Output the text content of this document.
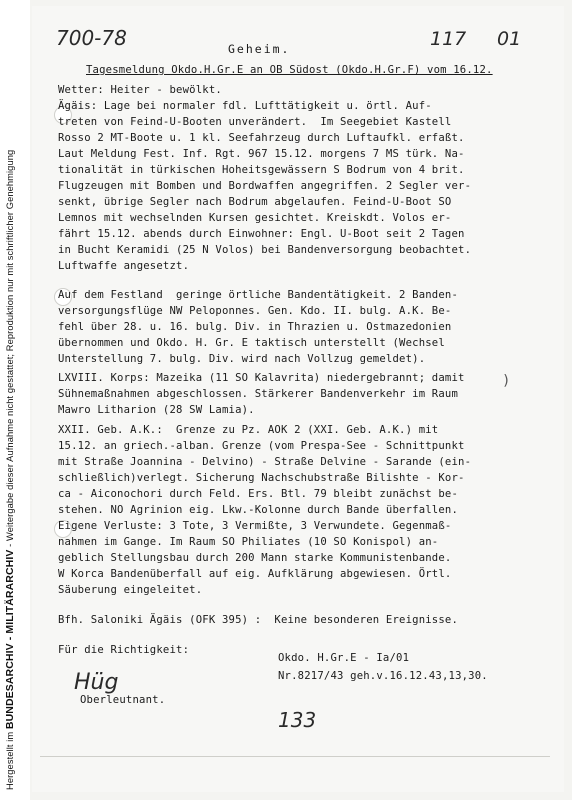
Hergestellt im BUNDESARCHIV - MILITÄRARCHIV - Weitergabe dieser Aufnahme nicht gestattet; Reproduktion nur mit schriftlicher Genehmigung
700-78	117 01
Geheim.
Tagesmeldung Okdo.H.Gr.E an OB Südost (Okdo.H.Gr.F) vom 16.12.
Wetter: Heiter - bewölkt.
Ägäis: Lage bei normaler fdl. Lufttätigkeit u. örtl. Auf-
treten von Feind-U-Booten unverändert.  Im Seegebiet Kastell
Rosso 2 MT-Boote u. 1 kl. Seefahrzeug durch Luftaufkl. erfaßt.
Laut Meldung Fest. Inf. Rgt. 967 15.12. morgens 7 MS türk. Na-
tionalität in türkischen Hoheitsgewässern S Bodrum von 4 brit.
Flugzeugen mit Bomben und Bordwaffen angegriffen. 2 Segler ver-
senkt, übrige Segler nach Bodrum abgelaufen. Feind-U-Boot SO
Lemnos mit wechselnden Kursen gesichtet. Kreiskdt. Volos er-
fährt 15.12. abends durch Einwohner: Engl. U-Boot seit 2 Tagen
in Bucht Keramidi (25 N Volos) bei Bandenversorgung beobachtet.
Luftwaffe angesetzt.
Auf dem Festland  geringe örtliche Bandentätigkeit. 2 Banden-
versorgungsflüge NW Peloponnes. Gen. Kdo. II. bulg. A.K. Be-
fehl über 28. u. 16. bulg. Div. in Thrazien u. Ostmazedonien
übernommen und Okdo. H. Gr. E taktisch unterstellt (Wechsel
Unterstellung 7. bulg. Div. wird nach Vollzug gemeldet).
LXVIII. Korps: Mazeika (11 SO Kalavrita) niedergebrannt; damit
Sühnemaßnahmen abgeschlossen. Stärkerer Bandenverkehr im Raum
Mawro Litharion (28 SW Lamia).
XXII. Geb. A.K.:  Grenze zu Pz. AOK 2 (XXI. Geb. A.K.) mit
15.12. an griech.-alban. Grenze (vom Prespa-See - Schnittpunkt
mit Straße Joannina - Delvino) - Straße Delvine - Sarande (ein-
schließlich)verlegt. Sicherung Nachschubstraße Bilishte - Kor-
ca - Aiconochori durch Feld. Ers. Btl. 79 bleibt zunächst be-
stehen. NO Agrinion eig. Lkw.-Kolonne durch Bande überfallen.
Eigene Verluste: 3 Tote, 3 Vermißte, 3 Verwundete. Gegenmaß-
nahmen im Gange. Im Raum SO Philiates (10 SO Konispol) an-
geblich Stellungsbau durch 200 Mann starke Kommunistenbande.
W Korca Bandenüberfall auf eig. Aufklärung abgewiesen. Örtl.
Säuberung eingeleitet.
Bfh. Saloniki Ägäis (OFK 395) :  Keine besonderen Ereignisse.
Für die Richtigkeit:
Okdo. H.Gr.E - Ia/01
Nr.8217/43 geh.v.16.12.43,13,30.
Hüg
Oberleutnant.
133
)
